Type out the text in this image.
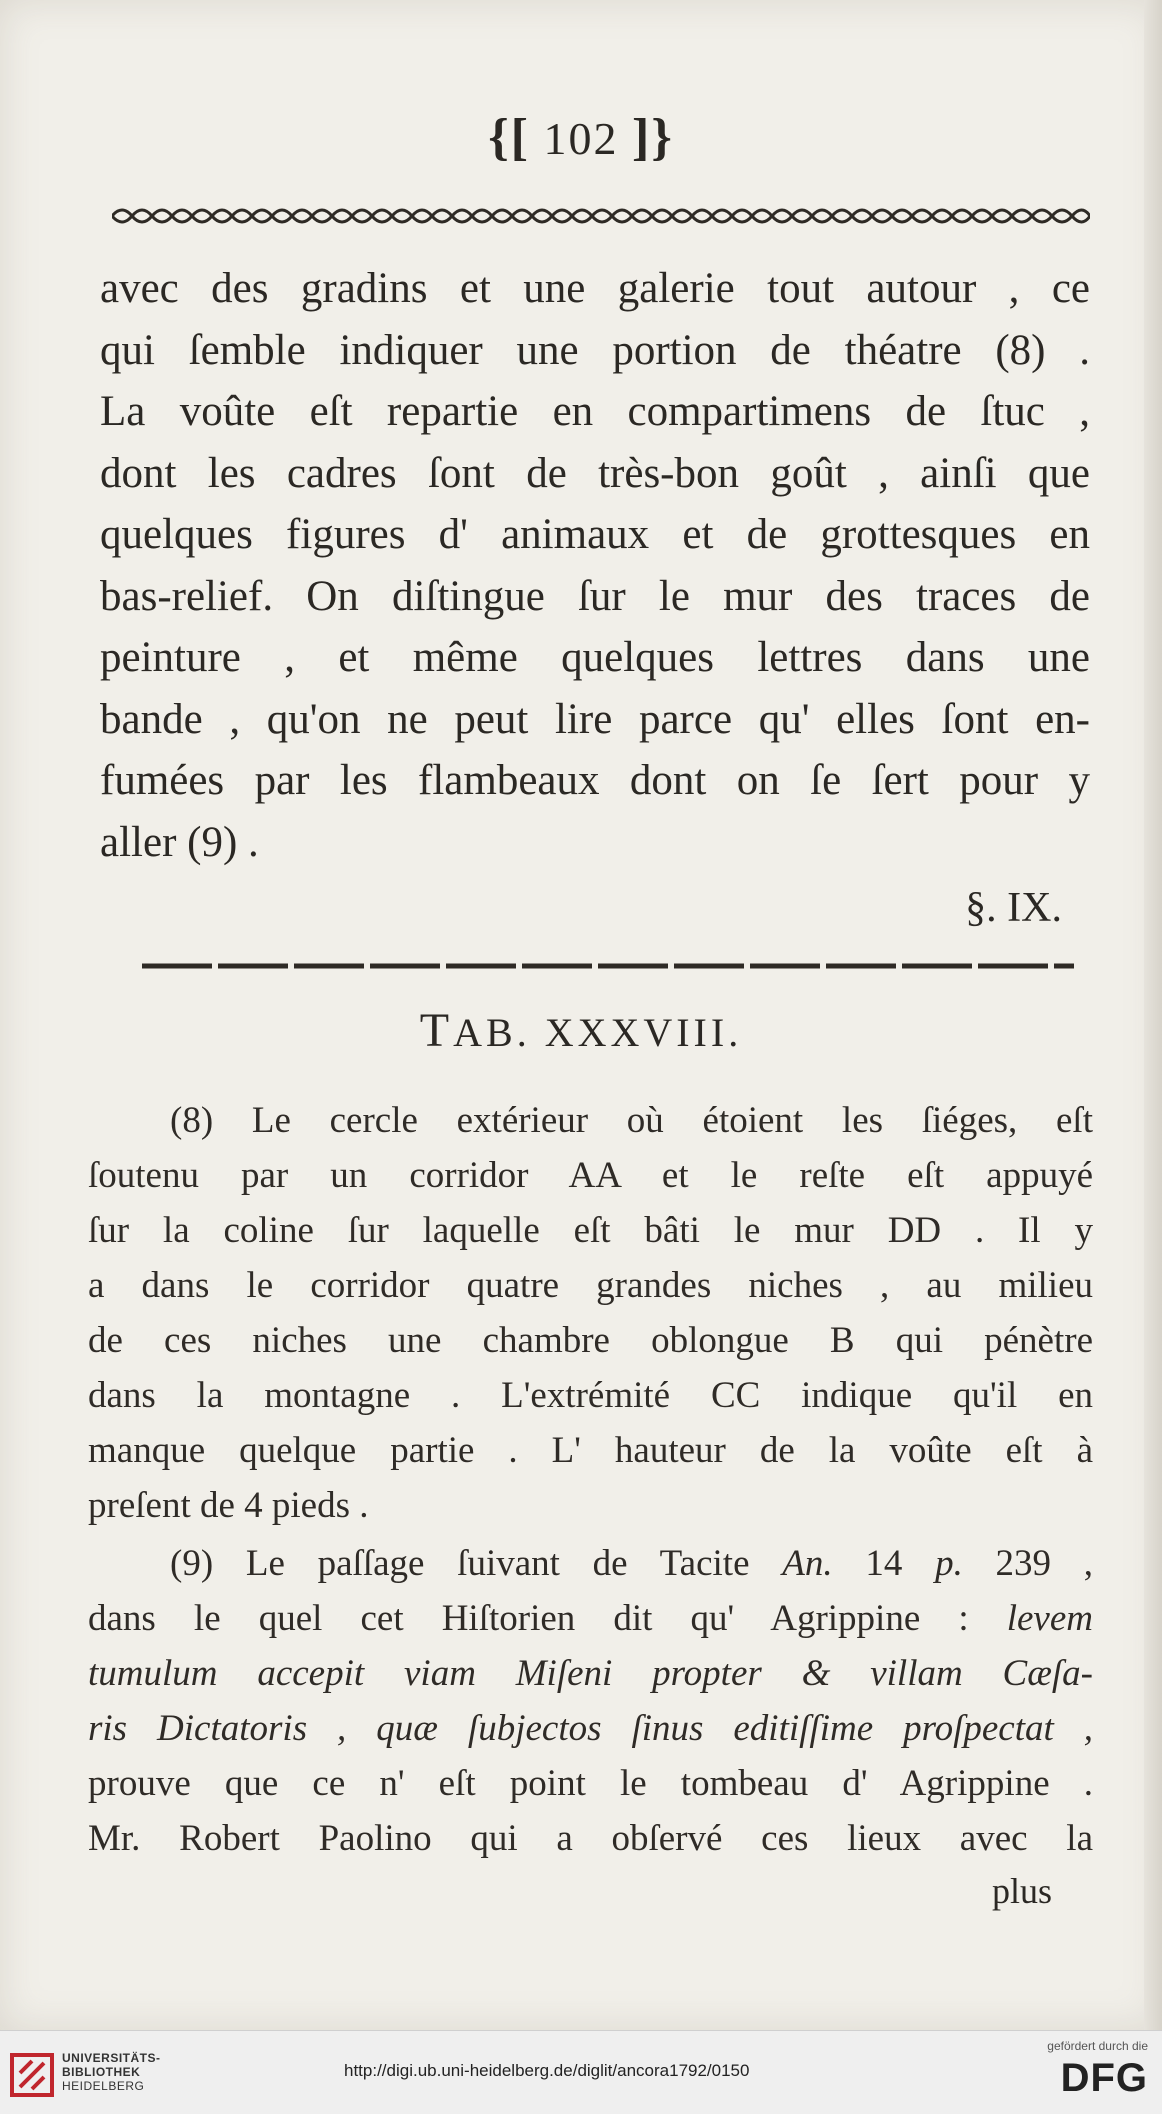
{[ 102 ]}
avec des gradins et une galerie tout autour , ce
qui ſemble indiquer une portion de théatre (8) .
La voûte eſt repartie en compartimens de ſtuc ,
dont les cadres ſont de très-bon goût , ainſi que
quelques figures d' animaux et de grottesques en
bas-relief. On diſtingue ſur le mur des traces de
peinture , et même quelques lettres dans une
bande , qu'on ne peut lire parce qu' elles ſont en-
fumées par les flambeaux dont on ſe ſert pour y
aller (9) .
§. IX.
TAB. XXXVIII.
(8) Le cercle extérieur où étoient les ſiéges, eſt
ſoutenu par un corridor AA et le reſte eſt appuyé
ſur la coline ſur laquelle eſt bâti le mur DD . Il y
a dans le corridor quatre grandes niches , au milieu
de ces niches une chambre oblongue B qui pénètre
dans la montagne . L'extrémité CC indique qu'il en
manque quelque partie . L' hauteur de la voûte eſt à
preſent de 4 pieds .
(9) Le paſſage ſuivant de Tacite An. 14 p. 239 ,
dans le quel cet Hiſtorien dit qu' Agrippine : levem
tumulum accepit viam Miſeni propter & villam Cæſa-
ris Dictatoris , quæ ſubjectos ſinus editiſſime proſpectat ,
prouve que ce n' eſt point le tombeau d' Agrippine .
Mr. Robert Paolino qui a obſervé ces lieux avec la
plus
UNIVERSITÄTS-
BIBLIOTHEK
HEIDELBERG
http://digi.ub.uni-heidelberg.de/diglit/ancora1792/0150
gefördert durch die
DFG
